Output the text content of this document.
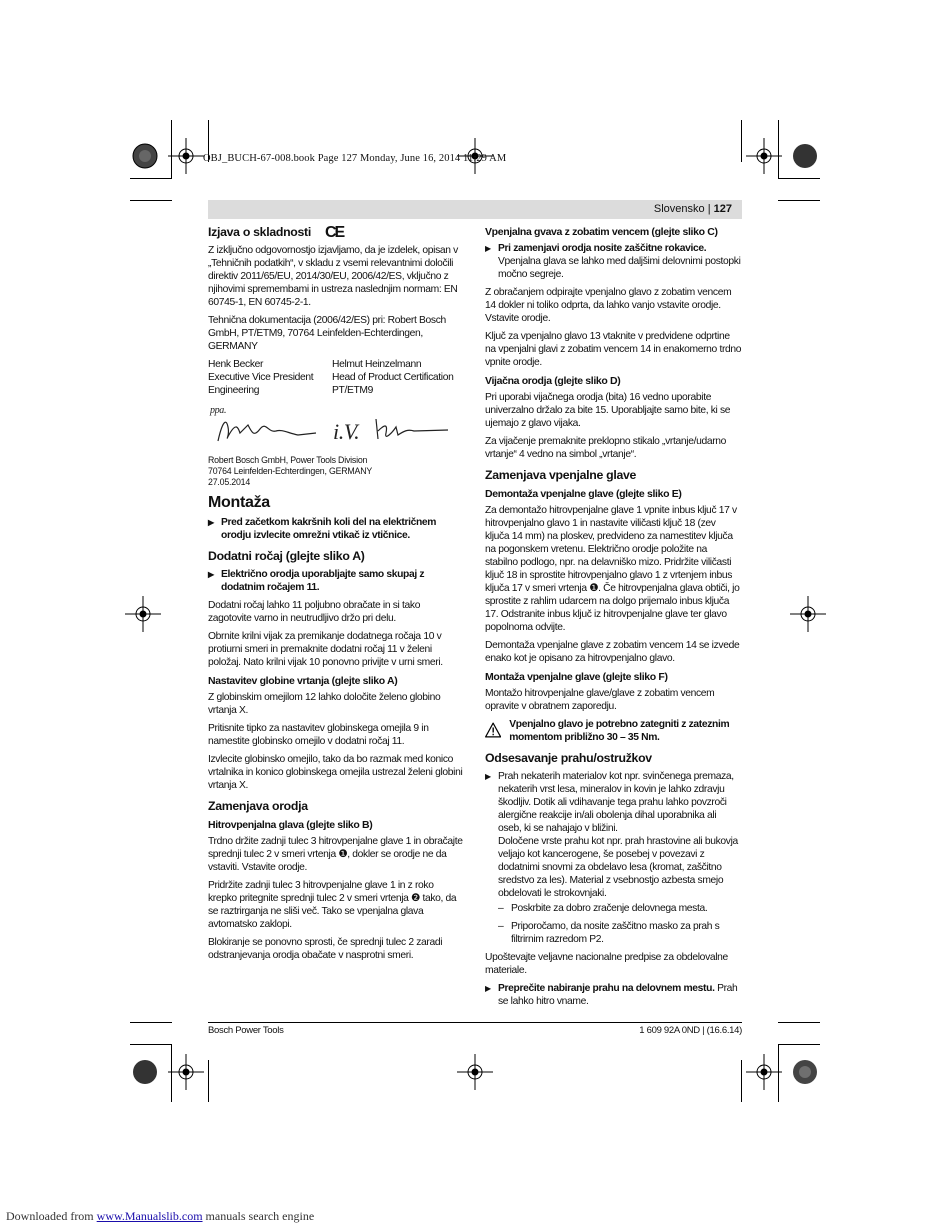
OBJ_BUCH-67-008.book Page 127 Monday, June 16, 2014 11:29 AM
Slovensko | 127
Izjava o skladnosti CE

Z izključno odgovornostjo izjavljamo, da je izdelek, opisan v „Tehničnih podatkih“, v skladu z vsemi relevantnimi določili direktiv 2011/65/EU, 2014/30/EU, 2006/42/ES, vključno z njihovimi spremembami in ustreza naslednjim normam: EN 60745-1, EN 60745-2-1.

Tehnična dokumentacija (2006/42/ES) pri: Robert Bosch GmbH, PT/ETM9, 70764 Leinfelden-Echterdingen, GERMANY

Henk Becker	Helmut Heinzelmann
Executive Vice President	Head of Product Certification
Engineering	PT/ETM9
ppa.
i.V.
Robert Bosch GmbH, Power Tools Division
70764 Leinfelden-Echterdingen, GERMANY
27.05.2014
Montaža

▶ Pred začetkom kakršnih koli del na električnem orodju izvlecite omrežni vtikač iz vtičnice.

Dodatni ročaj (glejte sliko A)

▶ Električno orodja uporabljajte samo skupaj z dodatnim ročajem 11.

Dodatni ročaj lahko 11 poljubno obračate in si tako zagotovite varno in neutrudljivo držo pri delu.

Obrnite krilni vijak za premikanje dodatnega ročaja 10 v protiurni smeri in premaknite dodatni ročaj 11 v želeni položaj. Nato krilni vijak 10 ponovno privijte v urni smeri.

Nastavitev globine vrtanja (glejte sliko A)

Z globinskim omejilom 12 lahko določite želeno globino vrtanja X.

Pritisnite tipko za nastavitev globinskega omejila 9 in namestite globinsko omejilo v dodatni ročaj 11.

Izvlecite globinsko omejilo, tako da bo razmak med konico vrtalnika in konico globinskega omejila ustrezal želeni globini vrtanja X.

Zamenjava orodja
Hitrovpenjalna glava (glejte sliko B)

Trdno držite zadnji tulec 3 hitrovpenjalne glave 1 in obračajte sprednji tulec 2 v smeri vrtenja ❶, dokler se orodje ne da vstaviti. Vstavite orodje.

Pridržite zadnji tulec 3 hitrovpenjalne glave 1 in z roko krepko pritegnite sprednji tulec 2 v smeri vrtenja ❷ tako, da se raztrirganja ne sliši več. Tako se vpenjalna glava avtomatsko zaklopi.

Blokiranje se ponovno sprosti, če sprednji tulec 2 zaradi odstranjevanja orodja obačate v nasprotni smeri.

Vpenjalna gvava z zobatim vencem (glejte sliko C)

▶ Pri zamenjavi orodja nosite zaščitne rokavice. Vpenjalna glava se lahko med daljšimi delovnimi postopki močno segreje.

Z obračanjem odpirajte vpenjalno glavo z zobatim vencem 14 dokler ni toliko odprta, da lahko vanjo vstavite orodje. Vstavite orodje.

Ključ za vpenjalno glavo 13 vtaknite v predvidene odprtine na vpenjalni glavi z zobatim vencem 14 in enakomerno trdno vpnite orodje.

Vijačna orodja (glejte sliko D)

Pri uporabi vijačnega orodja (bita) 16 vedno uporabite univerzalno držalo za bite 15. Uporabljajte samo bite, ki se ujemajo z glavo vijaka.

Za vijačenje premaknite preklopno stikalo „vrtanje/udarno vrtanje“ 4 vedno na simbol „vrtanje“.

Zamenjava vpenjalne glave
Demontaža vpenjalne glave (glejte sliko E)

Za demontažo hitrovpenjalne glave 1 vpnite inbus ključ 17 v hitrovpenjalno glavo 1 in nastavite viličasti ključ 18 (zev ključa 14 mm) na ploskev, predvideno za namestitev ključa na pogonskem vretenu. Električno orodje položite na stabilno podlogo, npr. na delavniško mizo. Pridržite viličasti ključ 18 in sprostite hitrovpenjalno glavo 1 z vrtenjem inbus ključa 17 v smeri vrtenja ❶. Če hitrovpenjalna glava obtiči, jo sprostite z rahlim udarcem na dolgo prijemalo inbus ključa 17. Odstranite inbus ključ iz hitrovpenjalne glave ter glavo popolnoma odvijte.

Demontaža vpenjalne glave z zobatim vencem 14 se izvede enako kot je opisano za hitrovpenjalno glavo.

Montaža vpenjalne glave (glejte sliko F)

Montažo hitrovpenjalne glave/glave z zobatim vencem opravite v obratnem zaporedju.

Vpenjalno glavo je potrebno zategniti z zateznim momentom približno 30 – 35 Nm.
Odsesavanje prahu/ostružkov
▶ Prah nekaterih materialov kot npr. svinčenega premaza, nekaterih vrst lesa, mineralov in kovin je lahko zdravju škodljiv. Dotik ali vdihavanje tega prahu lahko povzroči alergične reakcije in/ali obolenja dihal uporabnika ali oseb, ki se nahajajo v bližini.
Določene vrste prahu kot npr. prah hrastovine ali bukovja veljajo kot kancerogene, še posebej v povezavi z dodatnimi snovmi za obdelavo lesa (kromat, zaščitno sredstvo za les). Material z vsebnostjo azbesta smejo obdelovati le strokovnjaki.

– Poskrbite za dobro zračenje delovnega mesta.

– Priporočamo, da nosite zaščitno masko za prah s filtrirnim razredom P2.

Upoštevajte veljavne nacionalne predpise za obdelovalne materiale.

▶ Preprečite nabiranje prahu na delovnem mestu. Prah se lahko hitro vname.

Bosch Power Tools	1 609 92A 0ND | (16.6.14)
Downloaded from www.Manualslib.com manuals search engine
